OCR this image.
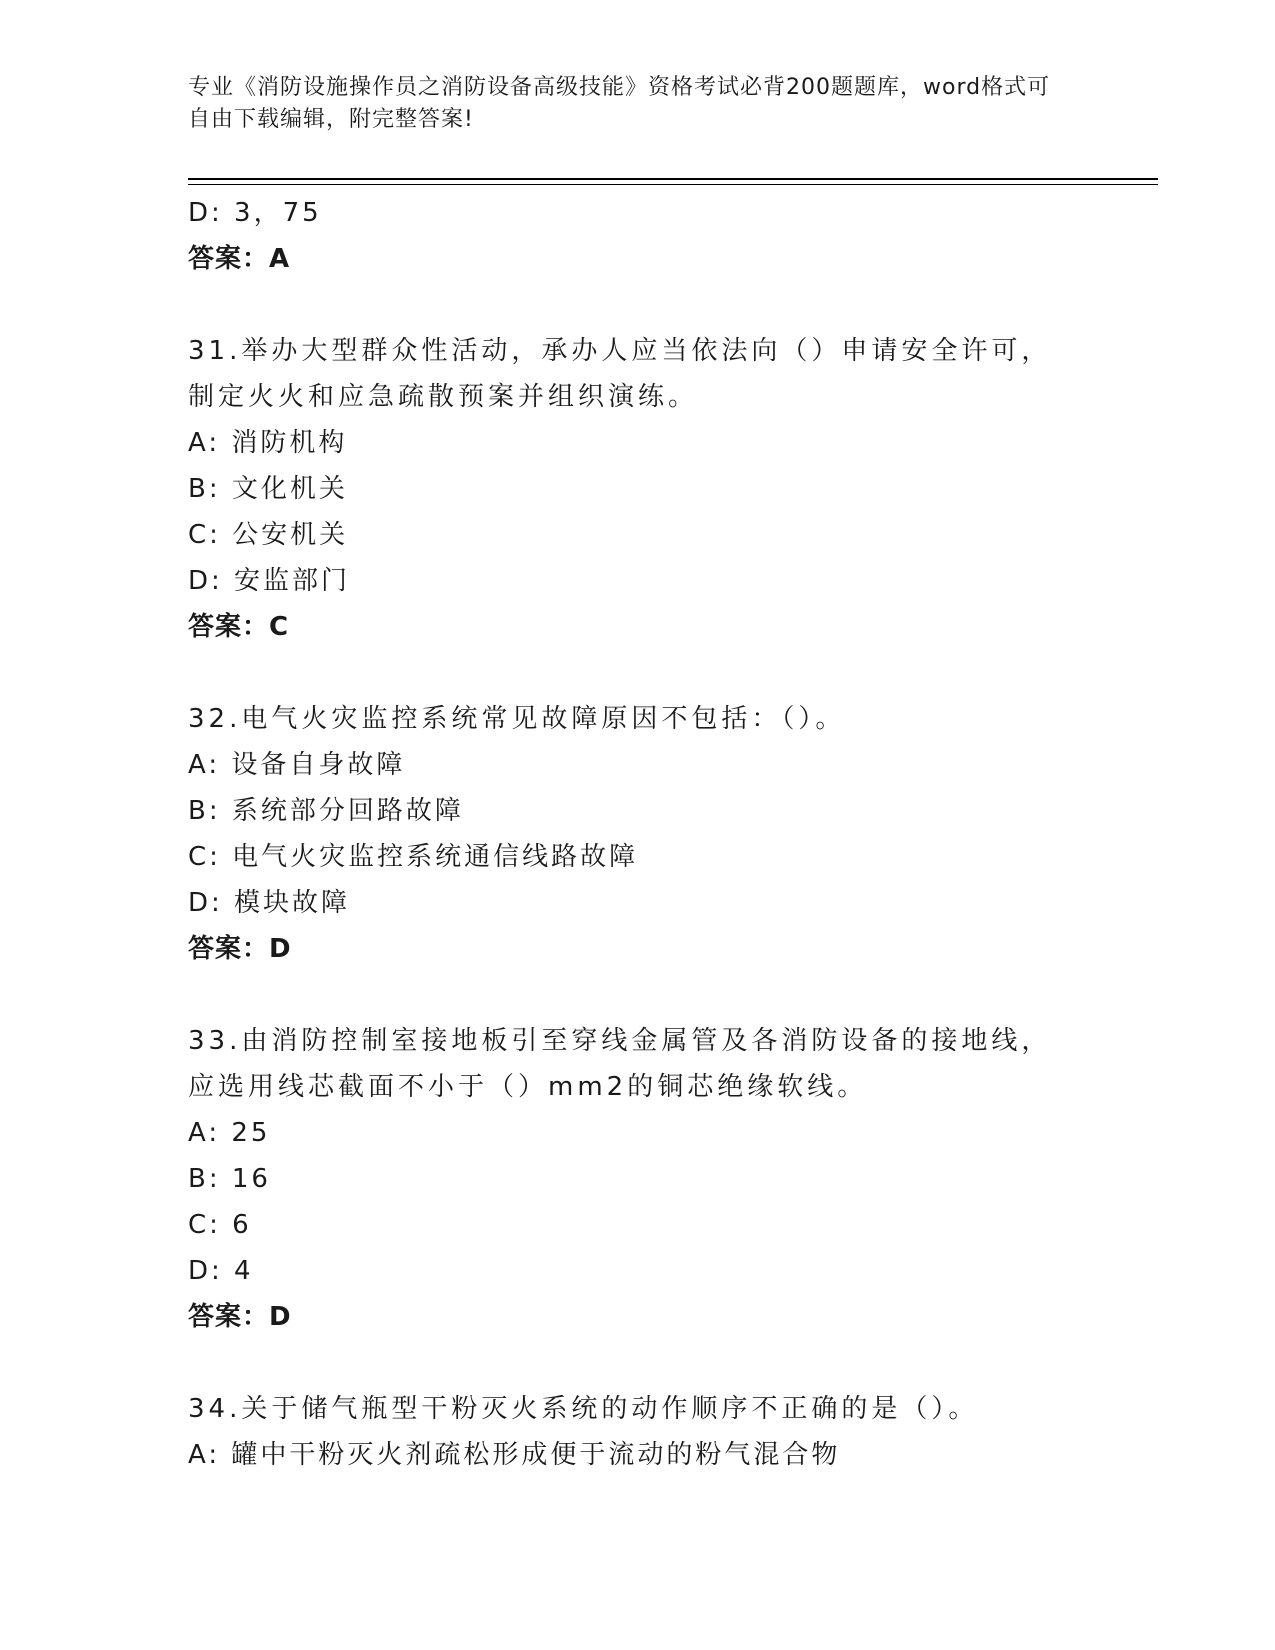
专业《消防设施操作员之消防设备高级技能》资格考试必背200题题库，word格式可自由下载编辑，附完整答案!
D: 3，75
答案：A
31.举办大型群众性活动，承办人应当依法向（）申请安全许可，制定火火和应急疏散预案并组织演练。
A: 消防机构
B: 文化机关
C: 公安机关
D: 安监部门
答案：C
32.电气火灾监控系统常见故障原因不包括：（）。
A: 设备自身故障
B: 系统部分回路故障
C: 电气火灾监控系统通信线路故障
D: 模块故障
答案：D
33.由消防控制室接地板引至穿线金属管及各消防设备的接地线，应选用线芯截面不小于（）mm2的铜芯绝缘软线。
A: 25
B: 16
C: 6
D: 4
答案：D
34.关于储气瓶型干粉灭火系统的动作顺序不正确的是（）。
A: 罐中干粉灭火剂疏松形成便于流动的粉气混合物
